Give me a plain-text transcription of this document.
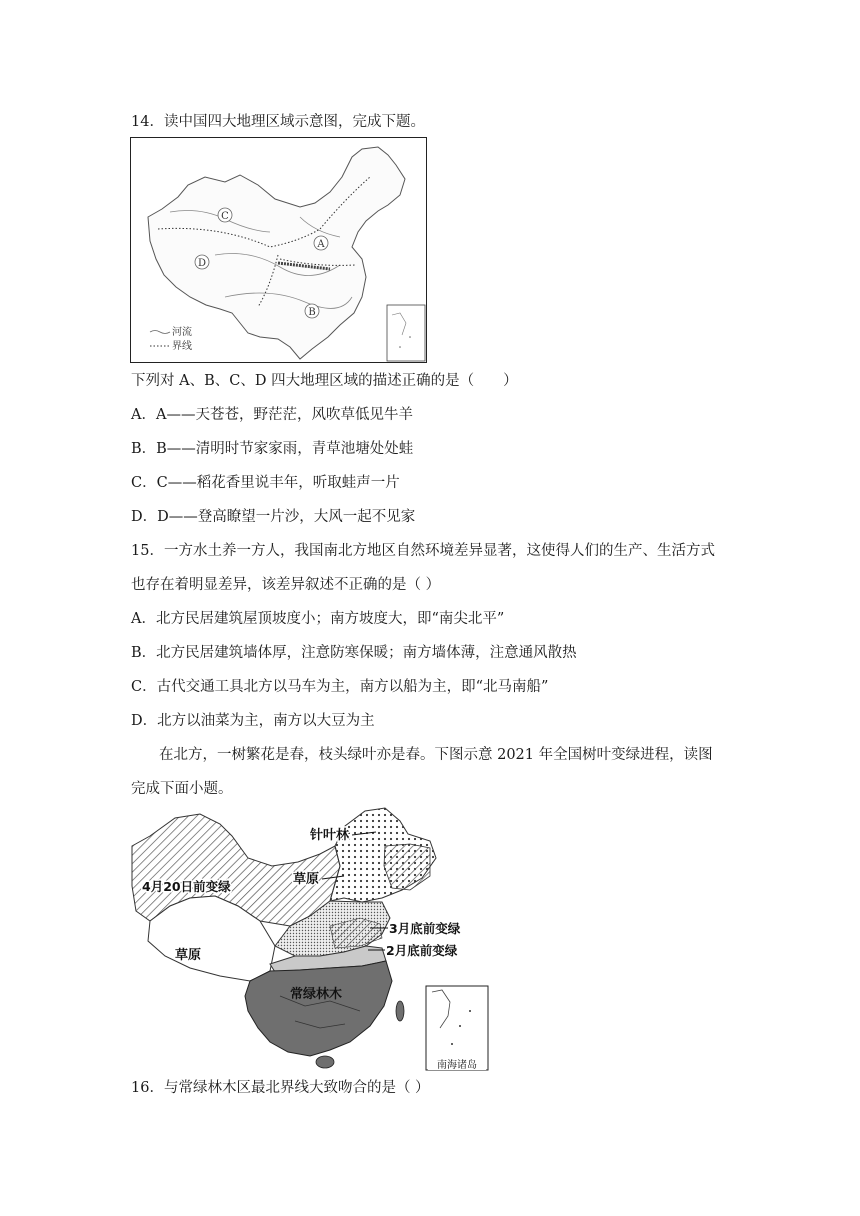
14．读中国四大地理区域示意图，完成下题。
A
B
C
D
河流
界线
下列对 A、B、C、D 四大地理区域的描述正确的是（　　）
A．A——天苍苍，野茫茫，风吹草低见牛羊
B．B——清明时节家家雨，青草池塘处处蛙
C．C——稻花香里说丰年，听取蛙声一片
D．D——登高瞭望一片沙，大风一起不见家
15．一方水土养一方人，我国南北方地区自然环境差异显著，这使得人们的生产、生活方式
也存在着明显差异，该差异叙述不正确的是（ ）
A．北方民居建筑屋顶坡度小；南方坡度大，即“南尖北平”
B．北方民居建筑墙体厚，注意防寒保暖；南方墙体薄，注意通风散热
C．古代交通工具北方以马车为主，南方以船为主，即“北马南船”
D．北方以油菜为主，南方以大豆为主
在北方，一树繁花是春，枝头绿叶亦是春。下图示意 2021 年全国树叶变绿进程，读图
完成下面小题。
南海诸岛
针叶林
草原
4月20日前变绿
3月底前变绿
草原	2月底前变绿
常绿林木
16．与常绿林木区最北界线大致吻合的是（ ）
